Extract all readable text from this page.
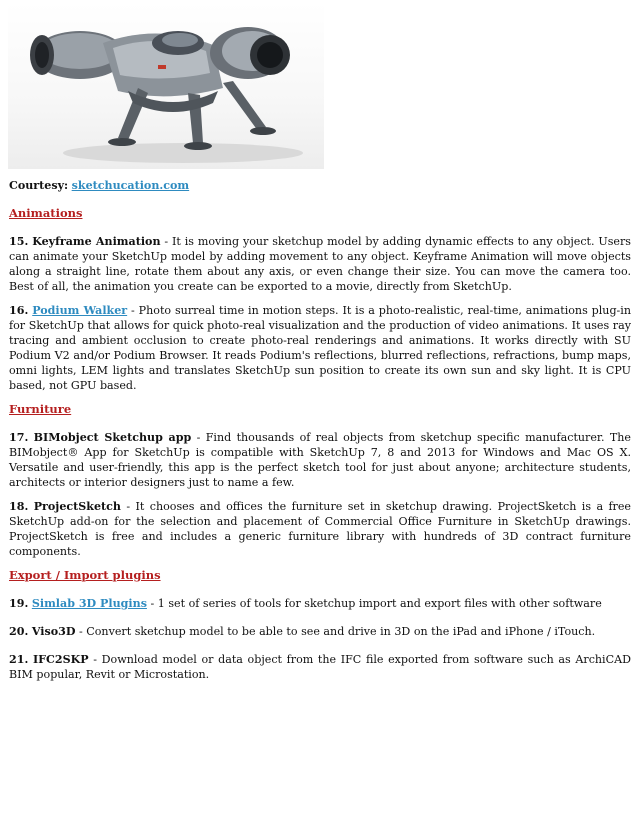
Courtesy: sketchucation.com

Animations

15. Keyframe Animation - It is moving your sketchup model by adding dynamic effects to any object. Users can animate your SketchUp model by adding movement to any object. Keyframe Animation will move objects along a straight line, rotate them about any axis, or even change their size. You can move the camera too. Best of all, the animation you create can be exported to a movie, directly from SketchUp.

16. Podium Walker - Photo surreal time in motion steps. It is a photo-realistic, real-time, animations plug-in for SketchUp that allows for quick photo-real visualization and the production of video animations. It uses ray tracing and ambient occlusion to create photo-real renderings and animations. It works directly with SU Podium V2 and/or Podium Browser. It reads Podium's reflections, blurred reflections, refractions, bump maps, omni lights, LEM lights and translates SketchUp sun position to create its own sun and sky light. It is CPU based, not GPU based.

Furniture

17. BIMobject Sketchup app - Find thousands of real objects from sketchup specific manufacturer. The BIMobject® App for SketchUp is compatible with SketchUp 7, 8 and 2013 for Windows and Mac OS X. Versatile and user-friendly, this app is the perfect sketch tool for just about anyone; architecture students, architects or interior designers just to name a few.

18. ProjectSketch - It chooses and offices the furniture set in sketchup drawing. ProjectSketch is a free SketchUp add-on for the selection and placement of Commercial Office Furniture in SketchUp drawings. ProjectSketch is free and includes a generic furniture library with hundreds of 3D contract furniture components.

Export / Import plugins

19. Simlab 3D Plugins - 1 set of series of tools for sketchup import and export files with other software

20. Viso3D - Convert sketchup model to be able to see and drive in 3D on the iPad and iPhone / iTouch.

21. IFC2SKP - Download model or data object from the IFC file exported from software such as ArchiCAD BIM popular, Revit or Microstation.
